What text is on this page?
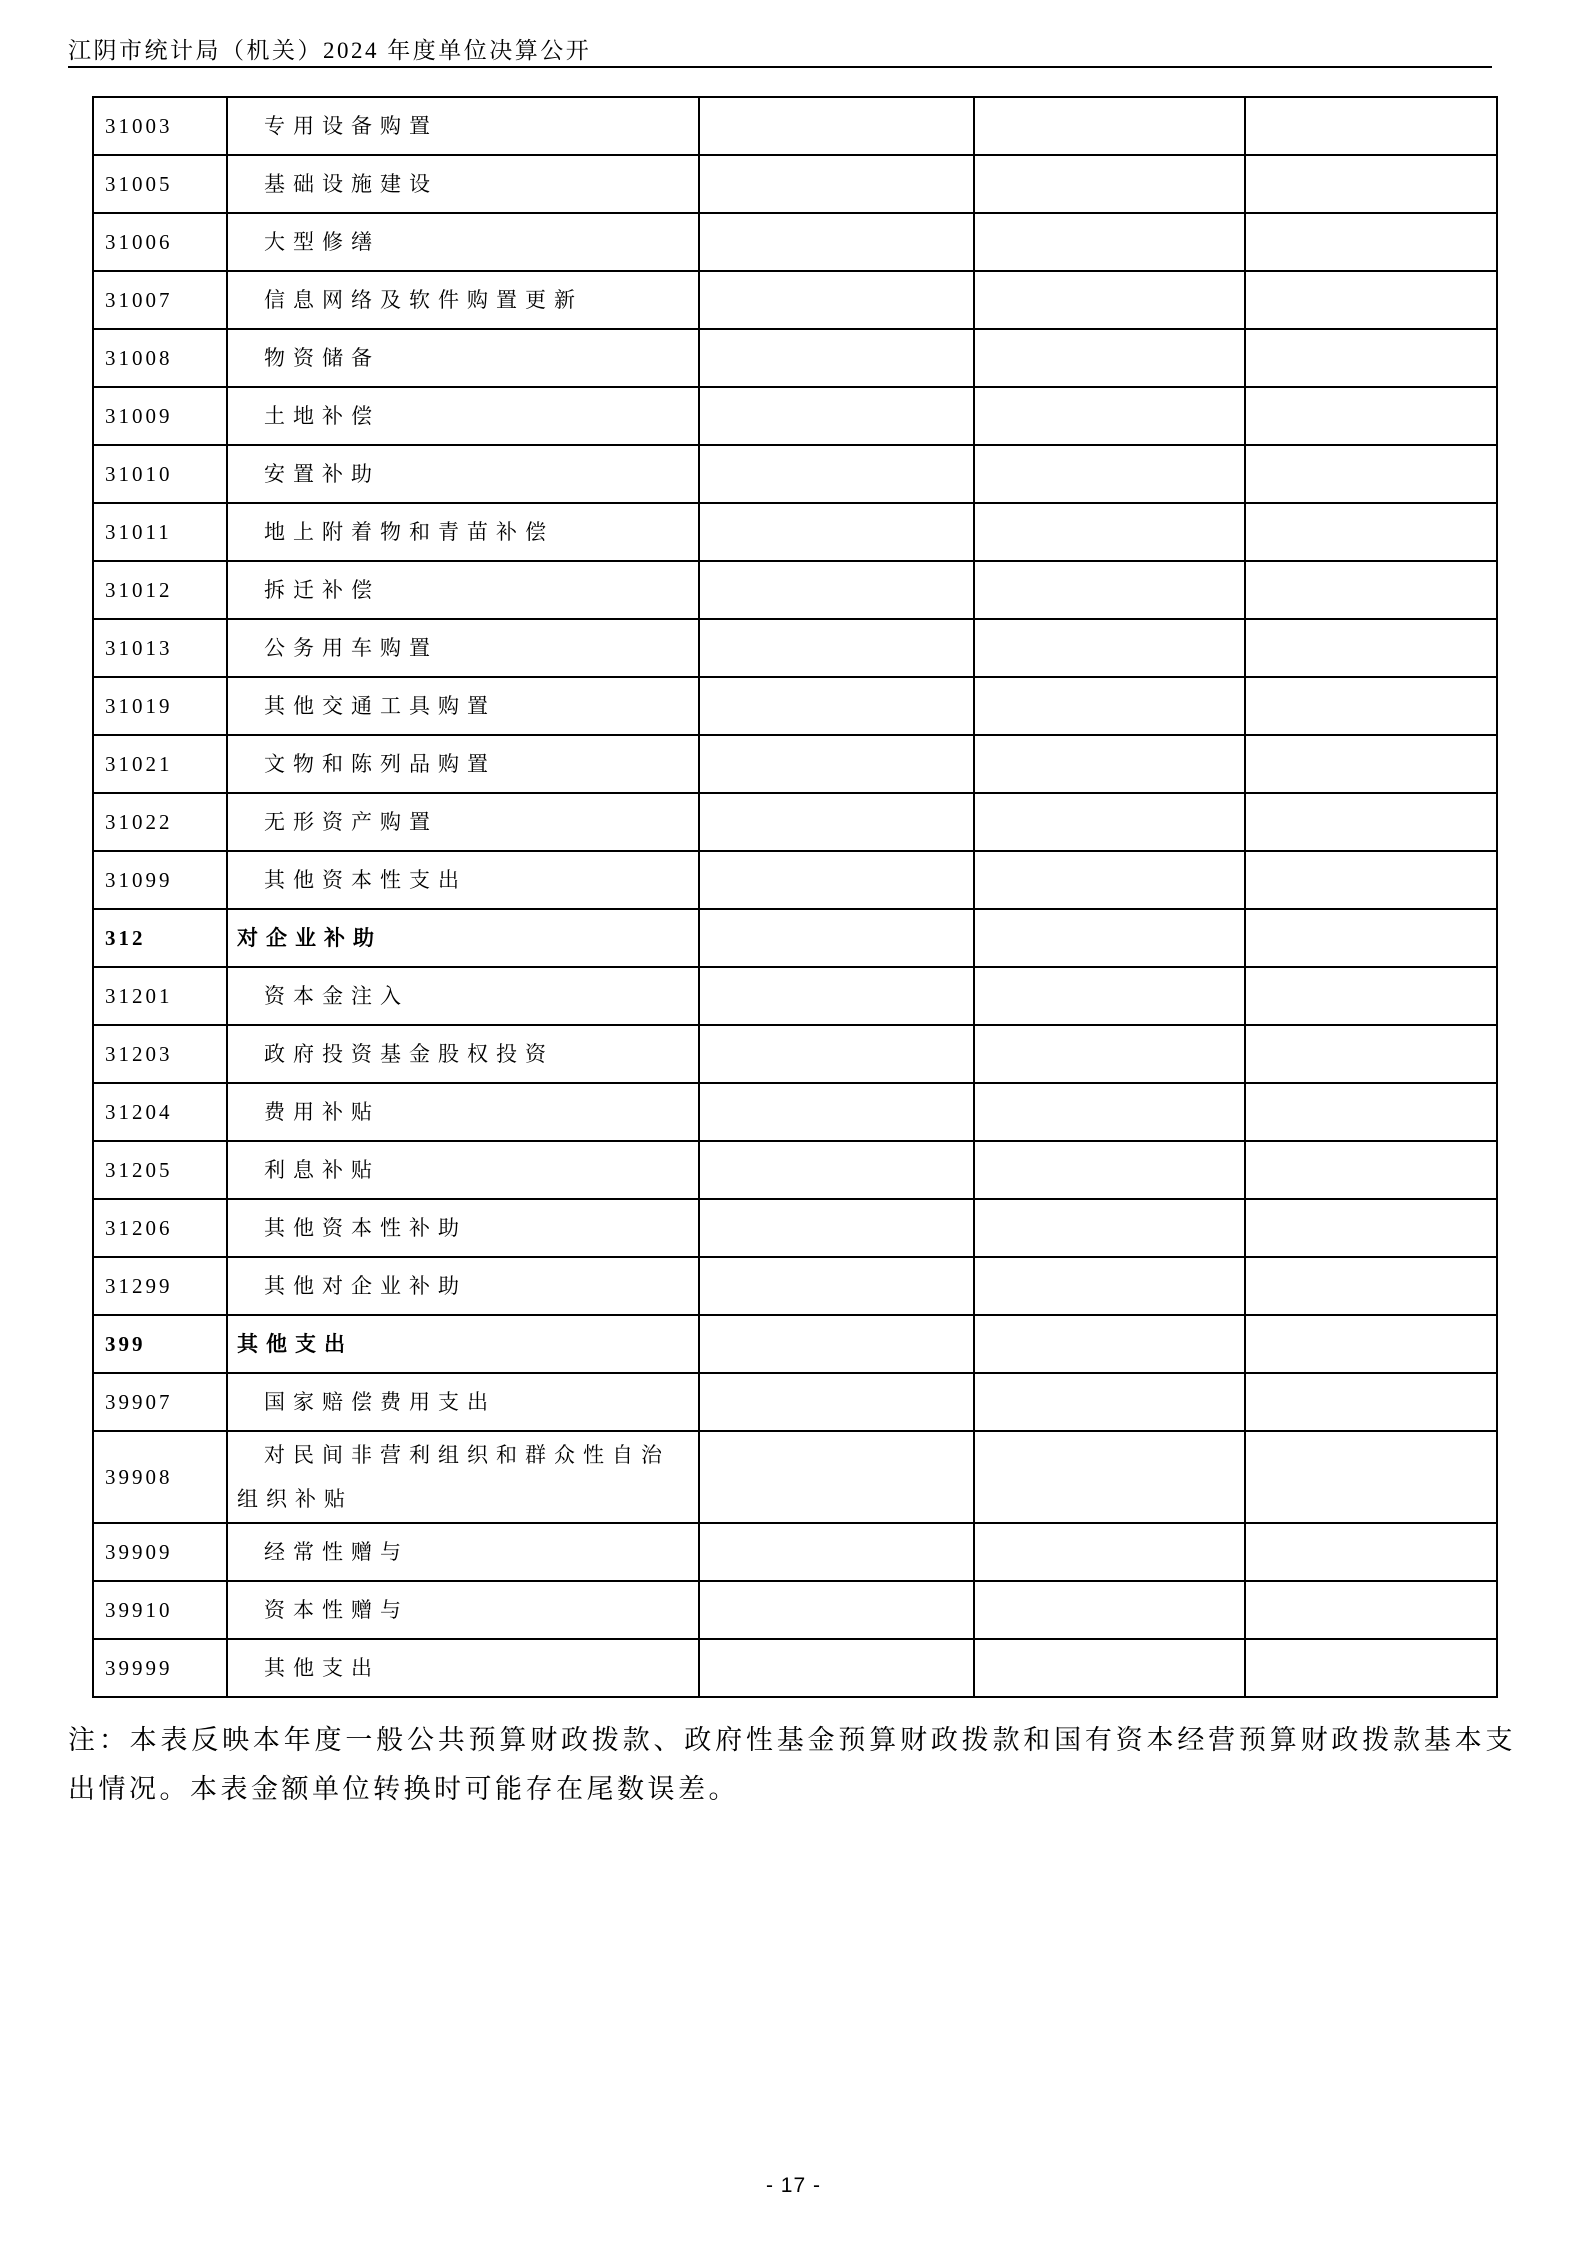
江阴市统计局（机关）2024 年度单位决算公开
31003	专用设备购置			
31005	基础设施建设			
31006	大型修缮			
31007	信息网络及软件购置更新			
31008	物资储备			
31009	土地补偿			
31010	安置补助			
31011	地上附着物和青苗补偿			
31012	拆迁补偿			
31013	公务用车购置			
31019	其他交通工具购置			
31021	文物和陈列品购置			
31022	无形资产购置			
31099	其他资本性支出			
312	对企业补助			
31201	资本金注入			
31203	政府投资基金股权投资			
31204	费用补贴			
31205	利息补贴			
31206	其他资本性补助			
31299	其他对企业补助			
399	其他支出			
39907	国家赔偿费用支出			
39908	对民间非营利组织和群众性自治组织补贴			
39909	经常性赠与			
39910	资本性赠与			
39999	其他支出			
注：本表反映本年度一般公共预算财政拨款、政府性基金预算财政拨款和国有资本经营预算财政拨款基本支出情况。本表金额单位转换时可能存在尾数误差。
- 17 -
